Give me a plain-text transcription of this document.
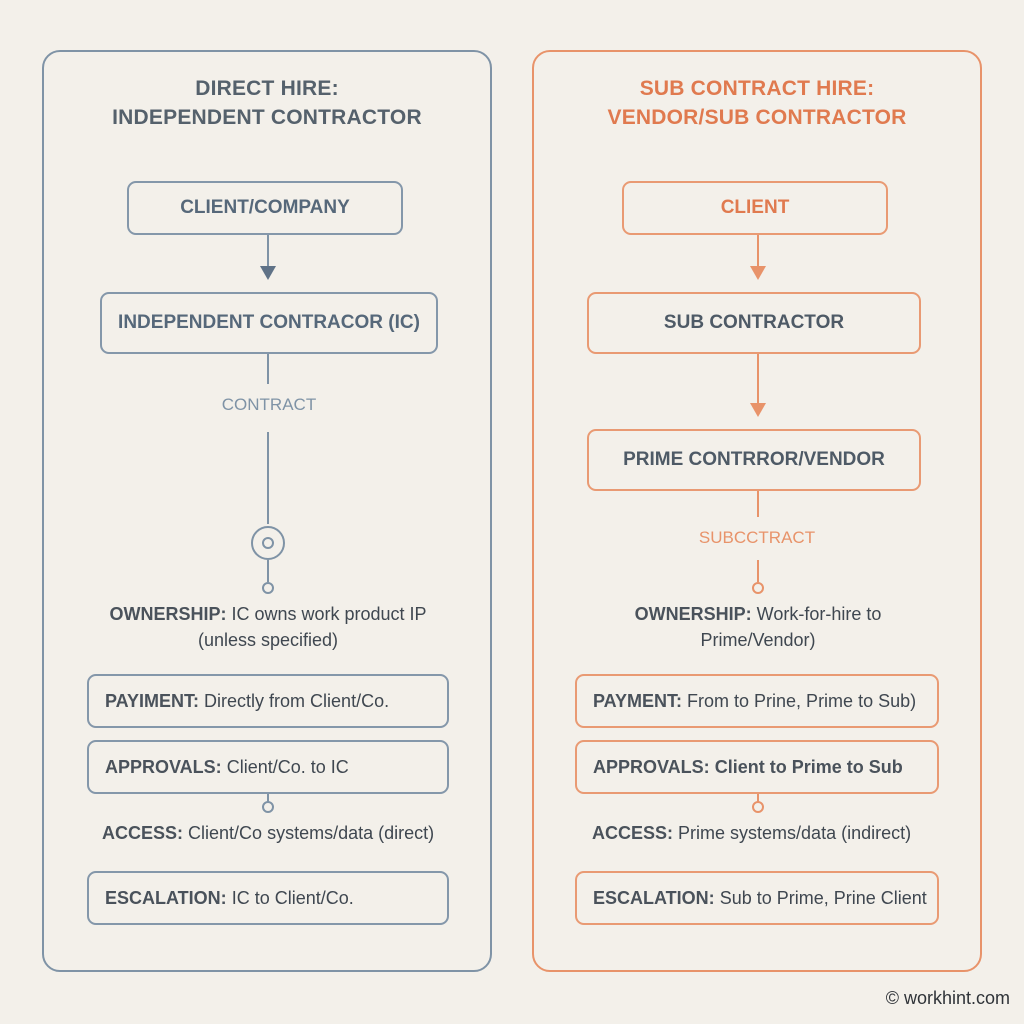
DIRECT HIRE:
INDEPENDENT CONTRACTOR
CLIENT/COMPANY
INDEPENDENT CONTRACOR (IC)
CONTRACT
OWNERSHIP: IC owns work product IP
(unless specified)
PAYIMENT:
Directly from Client/Co.
APPROVALS:
Client/Co. to IC
ACCESS: Client/Co systems/data (direct)
ESCALATION:
IC to Client/Co.
SUB CONTRACT HIRE:
VENDOR/SUB CONTRACTOR
CLIENT
SUB CONTRACTOR
PRIME CONTRROR/VENDOR
SUBCCTRACT
OWNERSHIP: Work-for-hire to
Prime/Vendor)
PAYMENT:
From to Prine, Prime to Sub)
APPROVALS:
Client to Prime to Sub
ACCESS: Prime systems/data (indirect)
ESCALATION:
Sub to Prime, Prine Client
© workhint.com
